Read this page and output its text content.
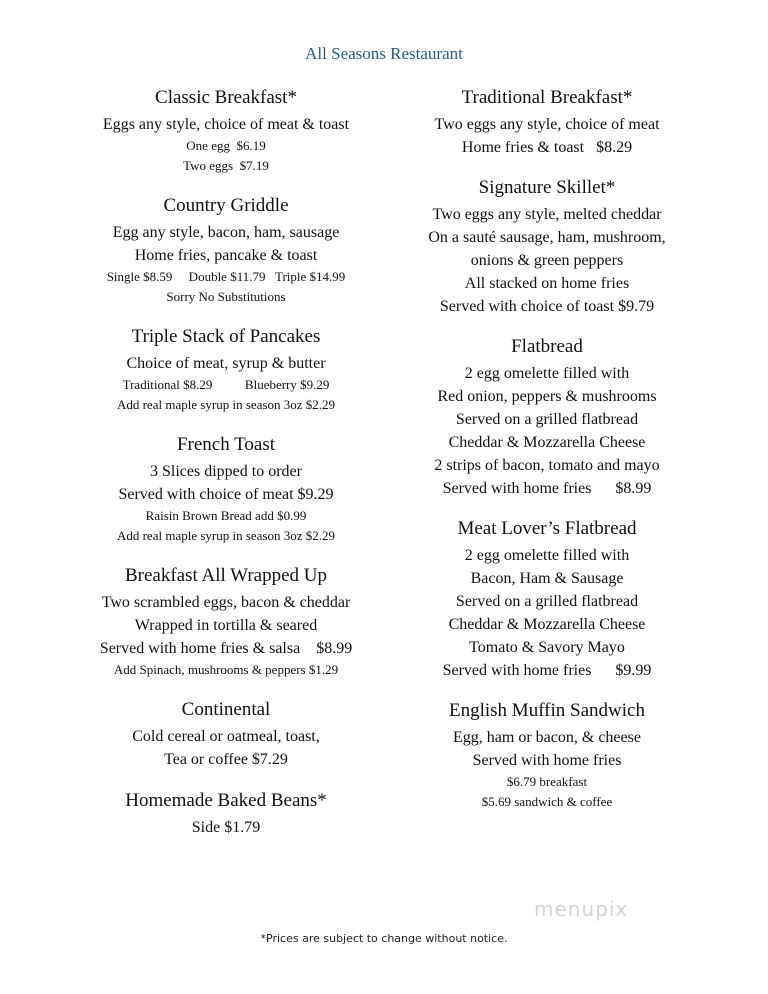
All Seasons Restaurant
Classic Breakfast*
Eggs any style, choice of meat & toast
One egg  $6.19
Two eggs  $7.19
Country Griddle
Egg any style, bacon, ham, sausage
Home fries, pancake & toast
Single $8.59     Double $11.79   Triple $14.99
Sorry No Substitutions
Triple Stack of Pancakes
Choice of meat, syrup & butter
Traditional $8.29          Blueberry $9.29
Add real maple syrup in season 3oz $2.29
French Toast
3 Slices dipped to order
Served with choice of meat $9.29
Raisin Brown Bread add $0.99
Add real maple syrup in season 3oz $2.29
Breakfast All Wrapped Up
Two scrambled eggs, bacon & cheddar
Wrapped in tortilla & seared
Served with home fries & salsa    $8.99
Add Spinach, mushrooms & peppers $1.29
Continental
Cold cereal or oatmeal, toast,
Tea or coffee $7.29
Homemade Baked Beans*
Side $1.79
Traditional Breakfast*
Two eggs any style, choice of meat
Home fries & toast   $8.29
Signature Skillet*
Two eggs any style, melted cheddar
On a sauté sausage, ham, mushroom,
onions & green peppers
All stacked on home fries
Served with choice of toast $9.79
Flatbread
2 egg omelette filled with
Red onion, peppers & mushrooms
Served on a grilled flatbread
Cheddar & Mozzarella Cheese
2 strips of bacon, tomato and mayo
Served with home fries      $8.99
Meat Lover’s Flatbread
2 egg omelette filled with
Bacon, Ham & Sausage
Served on a grilled flatbread
Cheddar & Mozzarella Cheese
Tomato & Savory Mayo
Served with home fries      $9.99
English Muffin Sandwich
Egg, ham or bacon, & cheese
Served with home fries
$6.79 breakfast
$5.69 sandwich & coffee
*Prices are subject to change without notice.
menupix
